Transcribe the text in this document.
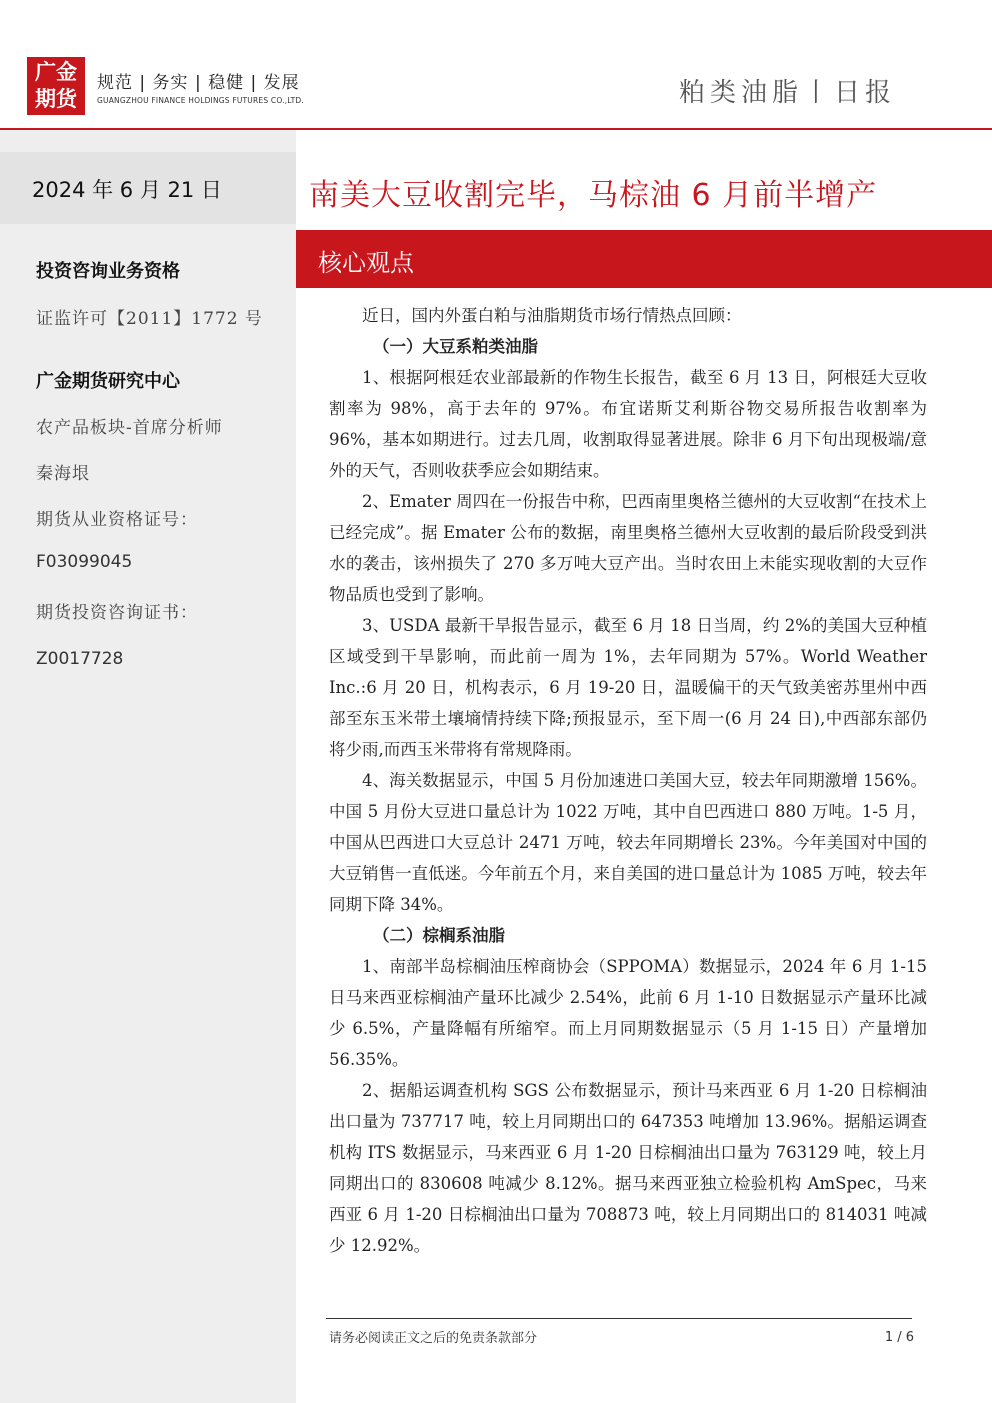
广金
期货
规范 | 务实 | 稳健 | 发展
GUANGZHOU FINANCE HOLDINGS FUTURES CO.,LTD.	粕类油脂丨日报
2024 年 6 月 21 日
投资咨询业务资格
证监许可【2011】1772 号
广金期货研究中心
农产品板块-首席分析师
秦海垠
期货从业资格证号：
F03099045
期货投资咨询证书：
Z0017728
南美大豆收割完毕，马棕油 6 月前半增产
核心观点

近日，国内外蛋白粕与油脂期货市场行情热点回顾：

（一）大豆系粕类油脂

1、根据阿根廷农业部最新的作物生长报告，截至 6 月 13 日，阿根廷大豆收割率为 98%，高于去年的 97%。布宜诺斯艾利斯谷物交易所报告收割率为 96%，基本如期进行。过去几周，收割取得显著进展。除非 6 月下旬出现极端/意外的天气，否则收获季应会如期结束。

2、Emater 周四在一份报告中称，巴西南里奥格兰德州的大豆收割“在技术上已经完成”。据 Emater 公布的数据，南里奥格兰德州大豆收割的最后阶段受到洪水的袭击，该州损失了 270 多万吨大豆产出。当时农田上未能实现收割的大豆作物品质也受到了影响。

3、USDA 最新干旱报告显示，截至 6 月 18 日当周，约 2%的美国大豆种植区域受到干旱影响，而此前一周为 1%，去年同期为 57%。World Weather Inc.:6 月 20 日，机构表示，6 月 19-20 日，温暖偏干的天气致美密苏里州中西部至东玉米带土壤墒情持续下降;预报显示，至下周一(6 月 24 日),中西部东部仍将少雨,而西玉米带将有常规降雨。

4、海关数据显示，中国 5 月份加速进口美国大豆，较去年同期激增 156%。中国 5 月份大豆进口量总计为 1022 万吨，其中自巴西进口 880 万吨。1-5 月，中国从巴西进口大豆总计 2471 万吨，较去年同期增长 23%。今年美国对中国的大豆销售一直低迷。今年前五个月，来自美国的进口量总计为 1085 万吨，较去年同期下降 34%。

（二）棕榈系油脂

1、南部半岛棕榈油压榨商协会（SPPOMA）数据显示，2024 年 6 月 1-15 日马来西亚棕榈油产量环比减少 2.54%，此前 6 月 1-10 日数据显示产量环比减少 6.5%，产量降幅有所缩窄。而上月同期数据显示（5 月 1-15 日）产量增加 56.35%。

2、据船运调查机构 SGS 公布数据显示，预计马来西亚 6 月 1-20 日棕榈油出口量为 737717 吨，较上月同期出口的 647353 吨增加 13.96%。据船运调查机构 ITS 数据显示，马来西亚 6 月 1-20 日棕榈油出口量为 763129 吨，较上月同期出口的 830608 吨减少 8.12%。据马来西亚独立检验机构 AmSpec，马来西亚 6 月 1-20 日棕榈油出口量为 708873 吨，较上月同期出口的 814031 吨减少 12.92%。

请务必阅读正文之后的免责条款部分	1 / 6
